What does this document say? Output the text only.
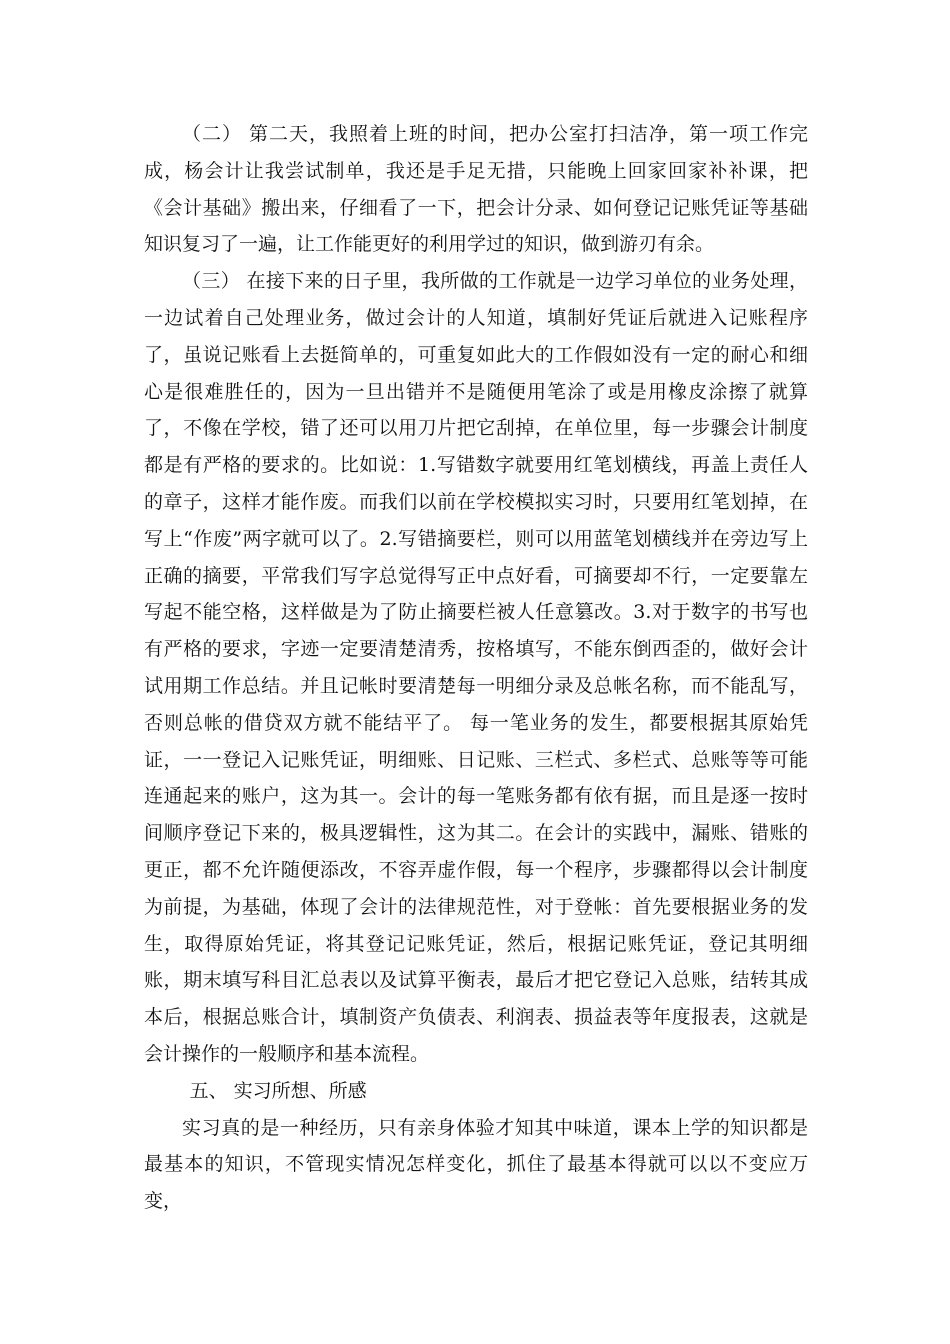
（二） 第二天，我照着上班的时间，把办公室打扫洁净，第一项工作完成，杨会计让我尝试制单，我还是手足无措，只能晚上回家回家补补课，把《会计基础》搬出来，仔细看了一下，把会计分录、如何登记记账凭证等基础知识复习了一遍，让工作能更好的利用学过的知识，做到游刃有余。

（三） 在接下来的日子里，我所做的工作就是一边学习单位的业务处理，一边试着自己处理业务，做过会计的人知道，填制好凭证后就进入记账程序了，虽说记账看上去挺简单的，可重复如此大的工作假如没有一定的耐心和细心是很难胜任的，因为一旦出错并不是随便用笔涂了或是用橡皮涂擦了就算了，不像在学校，错了还可以用刀片把它刮掉，在单位里，每一步骤会计制度都是有严格的要求的。比如说：1.写错数字就要用红笔划横线，再盖上责任人的章子，这样才能作废。而我们以前在学校模拟实习时，只要用红笔划掉，在写上“作废”两字就可以了。2.写错摘要栏，则可以用蓝笔划横线并在旁边写上正确的摘要，平常我们写字总觉得写正中点好看，可摘要却不行，一定要靠左写起不能空格，这样做是为了防止摘要栏被人任意篡改。3.对于数字的书写也有严格的要求，字迹一定要清楚清秀，按格填写，不能东倒西歪的，做好会计试用期工作总结。并且记帐时要清楚每一明细分录及总帐名称，而不能乱写，否则总帐的借贷双方就不能结平了。 每一笔业务的发生，都要根据其原始凭证，一一登记入记账凭证，明细账、日记账、三栏式、多栏式、总账等等可能连通起来的账户，这为其一。会计的每一笔账务都有依有据，而且是逐一按时间顺序登记下来的，极具逻辑性，这为其二。在会计的实践中，漏账、错账的更正，都不允许随便添改，不容弄虚作假，每一个程序，步骤都得以会计制度为前提，为基础，体现了会计的法律规范性，对于登帐：首先要根据业务的发生，取得原始凭证，将其登记记账凭证，然后，根据记账凭证，登记其明细账，期末填写科目汇总表以及试算平衡表，最后才把它登记入总账，结转其成本后，根据总账合计，填制资产负债表、利润表、损益表等年度报表，这就是会计操作的一般顺序和基本流程。

五、 实习所想、所感

实习真的是一种经历，只有亲身体验才知其中味道，课本上学的知识都是最基本的知识，不管现实情况怎样变化，抓住了最基本得就可以以不变应万变，
